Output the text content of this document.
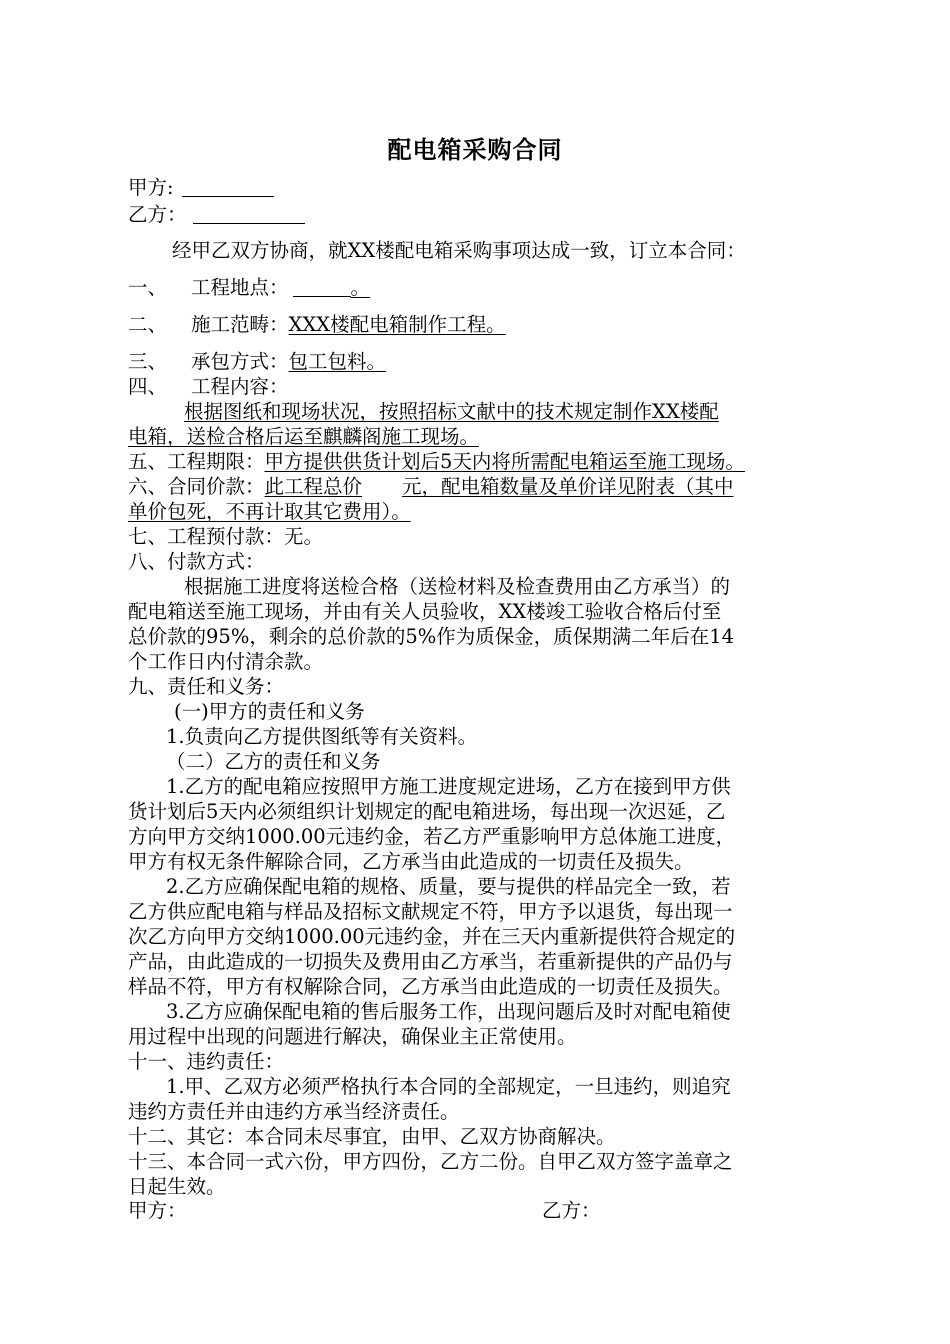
配电箱采购合同
甲方:
乙方：
经甲乙双方协商，就XX楼配电箱采购事项达成一致，订立本合同：
一、 工程地点：	。
二、 施工范畴：XXX楼配电箱制作工程。
三、 承包方式：包工包料。
四、 工程内容：
根据图纸和现场状况，按照招标文献中的技术规定制作XX楼配
电箱，送检合格后运至麒麟阁施工现场。
五、工程期限：甲方提供供货计划后5天内将所需配电箱运至施工现场。
六、合同价款：此工程总价 元，配电箱数量及单价详见附表（其中
单价包死，不再计取其它费用）。
七、工程预付款：无。
八、付款方式：
根据施工进度将送检合格（送检材料及检查费用由乙方承当）的
配电箱送至施工现场，并由有关人员验收，XX楼竣工验收合格后付至
总价款的95%，剩余的总价款的5%作为质保金，质保期满二年后在14
个工作日内付清余款。
九、责任和义务：
(一)甲方的责任和义务
1.负责向乙方提供图纸等有关资料。
（二）乙方的责任和义务
1.乙方的配电箱应按照甲方施工进度规定进场，乙方在接到甲方供
货计划后5天内必须组织计划规定的配电箱进场，每出现一次迟延，乙
方向甲方交纳1000.00元违约金，若乙方严重影响甲方总体施工进度，
甲方有权无条件解除合同，乙方承当由此造成的一切责任及损失。
2.乙方应确保配电箱的规格、质量，要与提供的样品完全一致，若
乙方供应配电箱与样品及招标文献规定不符，甲方予以退货，每出现一
次乙方向甲方交纳1000.00元违约金，并在三天内重新提供符合规定的
产品，由此造成的一切损失及费用由乙方承当，若重新提供的产品仍与
样品不符，甲方有权解除合同，乙方承当由此造成的一切责任及损失。
3.乙方应确保配电箱的售后服务工作，出现问题后及时对配电箱使
用过程中出现的问题进行解决，确保业主正常使用。
十一、违约责任：
1.甲、乙双方必须严格执行本合同的全部规定，一旦违约，则追究
违约方责任并由违约方承当经济责任。
十二、其它：本合同未尽事宜，由甲、乙双方协商解决。
十三、本合同一式六份，甲方四份，乙方二份。自甲乙双方签字盖章之
日起生效。
甲方：	乙方：
